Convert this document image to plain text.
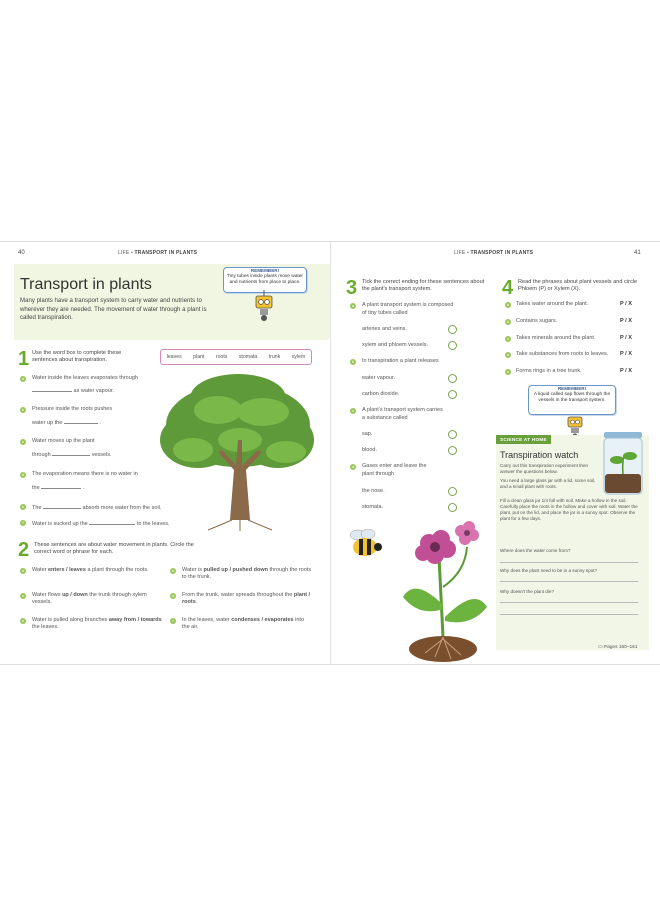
40	LIFE • TRANSPORT IN PLANTS
Transport in plants
Many plants have a transport system to carry water and nutrients to wherever they are needed. The movement of water through a plant is called transpiration.
REMEMBER!
Tiny tubes inside plants move water and nutrients from place to place.
1 Use the word box to complete these sentences about transpiration.
leaves plant roots stomata trunk xylem
a	Water inside the leaves evaporates through
as water vapour.
b	Pressure inside the roots pushes
water up the	.
c	Water moves up the plant
through	vessels.
d	The evaporation means there is no water in
the	.
e	The	absorb more water from the soil.
f	Water is sucked up the	to the leaves.
2 These sentences are about water movement in plants. Circle the correct word or phrase for each.
a	Water enters / leaves a plant through the roots.	b	Water is pulled up / pushed down through the roots to the trunk.
c	Water flows up / down the trunk through xylem vessels.
d	From the trunk, water spreads throughout the plant / roots.
e	Water is pulled along branches away from / towards the leaves.
f	In the leaves, water condenses / evaporates into the air.
41
LIFE • TRANSPORT IN PLANTS
3 Tick the correct ending for these sentences about the plant's transport system.
a	A plant transport system is composed
of tiny tubes called
arteries and veins.
xylem and phloem vessels.
b	In transpiration a plant releases
water vapour.
carbon dioxide.
c	A plant's transport system carries
a substance called
sap.
blood.
d	Gases enter and leave the
plant through
the nose.
stomata.
4 Read the phrases about plant vessels and circle Phloem (P) or Xylem (X).
a	Takes water around the plant.	P / X
b	Contains sugars.	P / X
c	Takes minerals around the plant.	P / X
d	Take substances from roots to leaves. P / X
e	Forms rings in a tree trunk.	P / X
REMEMBER!
A liquid called sap flows through the vessels in the transport system.
SCIENCE AT HOME
Transpiration watch
Carry out this transpiration experiment then answer the questions below.
You need a large glass jar with a lid, some soil, and a small plant with roots.
Fill a clean glass jar 1/4 full with soil. Make a hollow in the soil. Carefully place the roots in the hollow and cover with soil. Water the plant, put on the lid, and place the jar in a sunny spot. Observe the plant for a few days.
Where does the water come from?
Why does the plant need to be in a sunny spot?
Why doesn't the plant die?
▭ Pages 160–161
